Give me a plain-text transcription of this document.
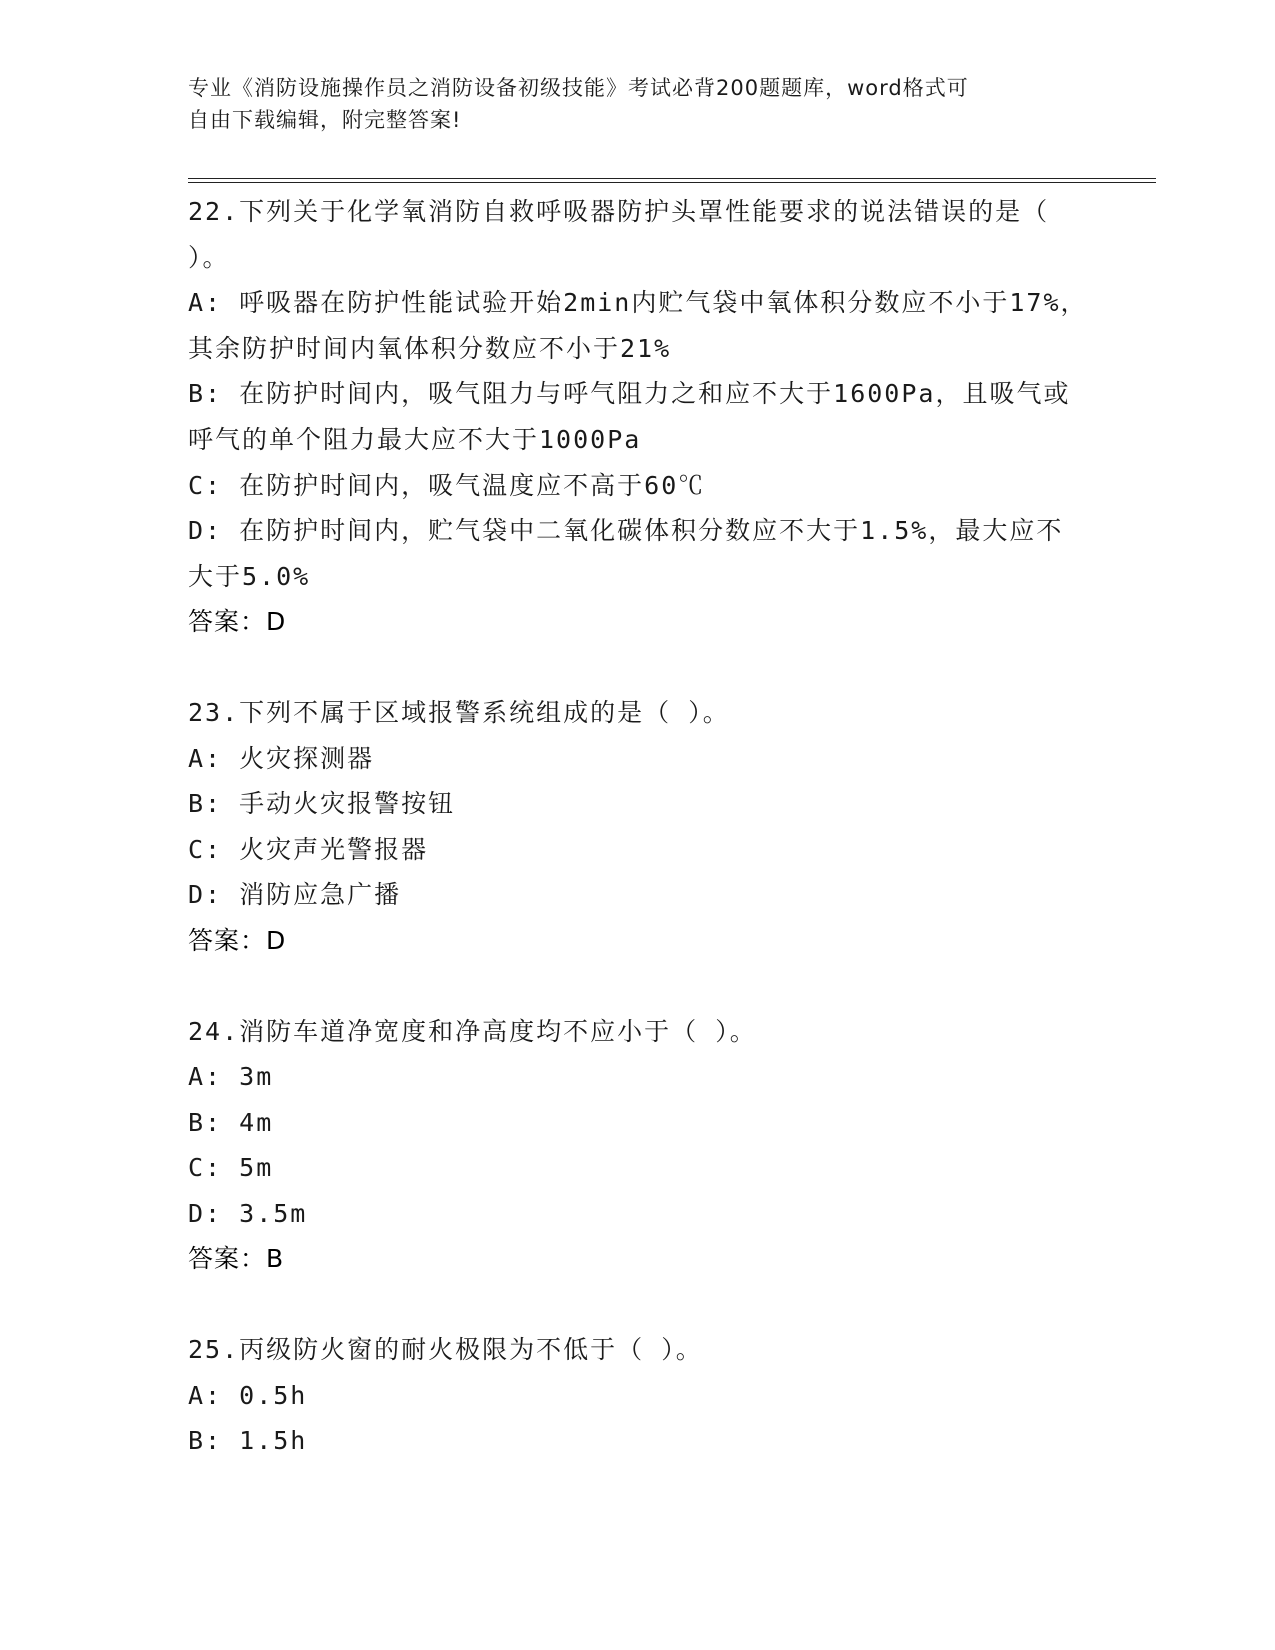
专业《消防设施操作员之消防设备初级技能》考试必背200题题库，word格式可
自由下载编辑，附完整答案!
22.下列关于化学氧消防自救呼吸器防护头罩性能要求的说法错误的是（ ）。
A: 呼吸器在防护性能试验开始2min内贮气袋中氧体积分数应不小于17%，其余防护时间内氧体积分数应不小于21%
B: 在防护时间内，吸气阻力与呼气阻力之和应不大于1600Pa，且吸气或呼气的单个阻力最大应不大于1000Pa
C: 在防护时间内，吸气温度应不高于60℃
D: 在防护时间内，贮气袋中二氧化碳体积分数应不大于1.5%，最大应不大于5.0%
答案：D
23.下列不属于区域报警系统组成的是（ ）。
A: 火灾探测器
B: 手动火灾报警按钮
C: 火灾声光警报器
D: 消防应急广播
答案：D
24.消防车道净宽度和净高度均不应小于（ ）。
A: 3m
B: 4m
C: 5m
D: 3.5m
答案：B
25.丙级防火窗的耐火极限为不低于（ ）。
A: 0.5h
B: 1.5h
